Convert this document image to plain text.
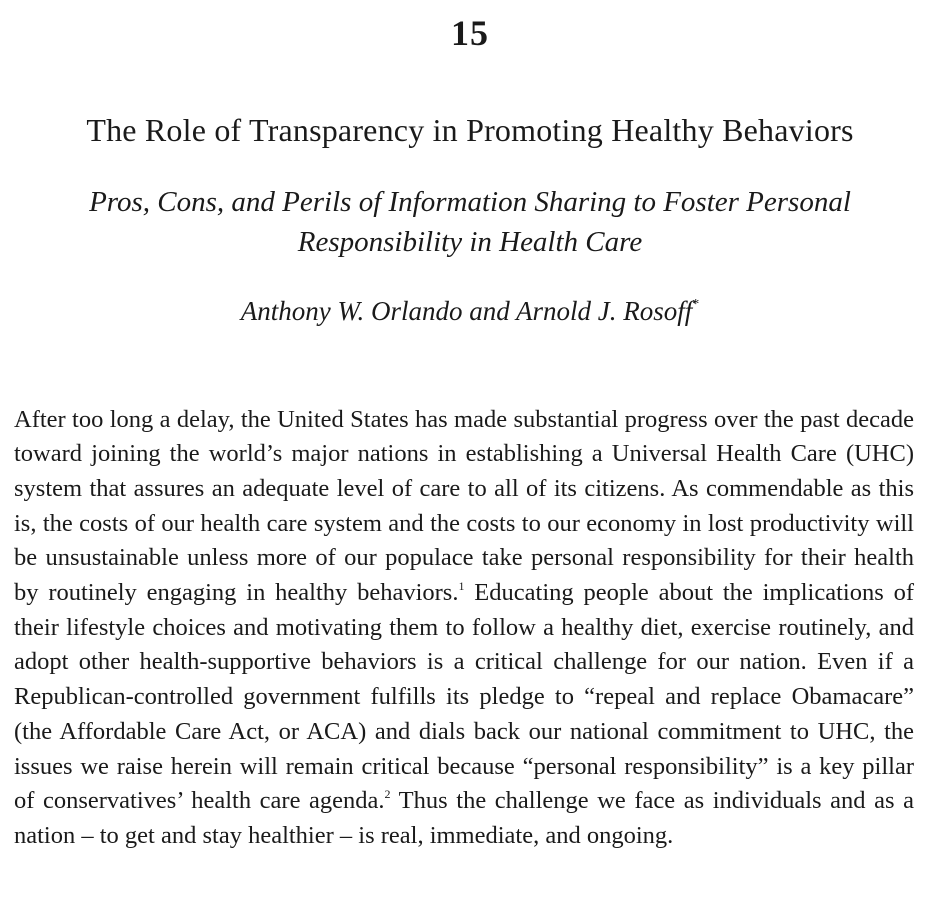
15
The Role of Transparency in Promoting Healthy Behaviors
Pros, Cons, and Perils of Information Sharing to Foster Personal Responsibility in Health Care
Anthony W. Orlando and Arnold J. Rosoff*

After too long a delay, the United States has made substantial progress over the past decade toward joining the world’s major nations in establishing a Universal Health Care (UHC) system that assures an adequate level of care to all of its citizens. As commendable as this is, the costs of our health care system and the costs to our economy in lost productivity will be unsustainable unless more of our populace take personal responsibility for their health by routinely engaging in healthy behaviors.$^1$ Educating people about the implications of their lifestyle choices and motivating them to follow a healthy diet, exercise routinely, and adopt other health-supportive behaviors is a critical challenge for our nation. Even if a Republican-controlled government fulfills its pledge to “repeal and replace Obamacare” (the Affordable Care Act, or ACA) and dials back our national commitment to UHC, the issues we raise herein will remain critical because “personal responsibility” is a key pillar of conservatives’ health care agenda.$^2$ Thus the challenge we face as individuals and as a nation – to get and stay healthier – is real, immediate, and ongoing.
